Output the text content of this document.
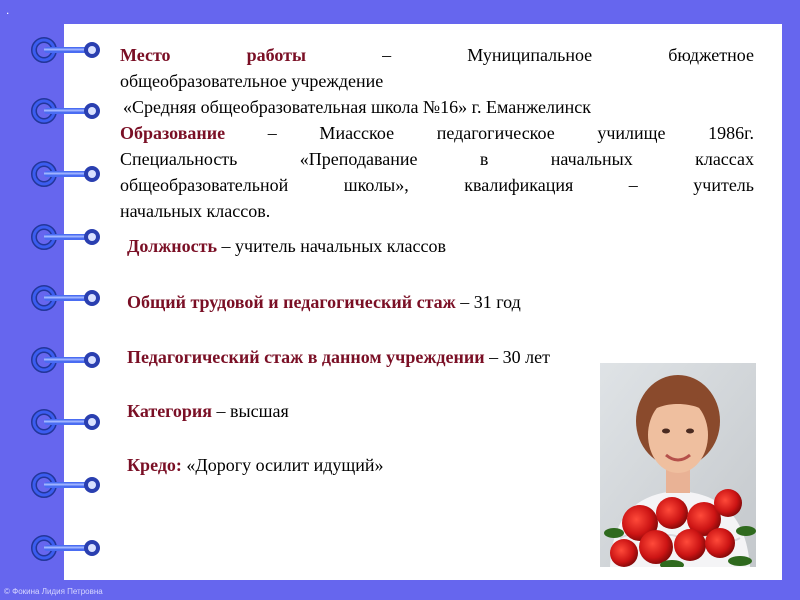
.

Место работы	– Муниципальное бюджетное

общеобразовательное учреждение

«Средняя общеобразовательная школа №16» г. Еманжелинск

Образование – Миасское педагогическое училище 1986г.

Специальность «Преподавание в начальных классах

общеобразовательной школы», квалификация – учитель

начальных классов.

Должность – учитель начальных классов
Общий трудовой и педагогический стаж – 31 год
Педагогический стаж в данном учреждении – 30 лет
Категория – высшая
Кредо: «Дорогу осилит идущий»
© Фокина Лидия Петровна
